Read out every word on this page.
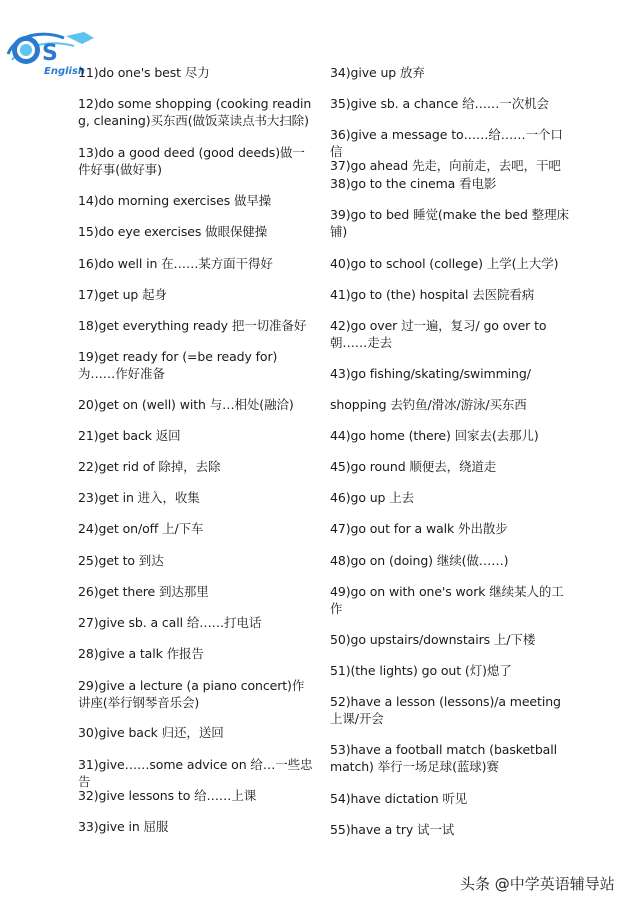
S
English
11)do one's best 尽力
12)do some shopping (cooking reading, cleaning)买东西(做饭菜读点书大扫除)
13)do a good deed (good deeds)做一件好事(做好事)
14)do morning exercises 做早操
15)do eye exercises 做眼保健操
16)do well in 在……某方面干得好
17)get up 起身
18)get everything ready 把一切准备好
19)get ready for (=be ready for) 为……作好准备
20)get on (well) with 与…相处(融洽)
21)get back 返回
22)get rid of 除掉，去除
23)get in 进入，收集
24)get on/off 上/下车
25)get to 到达
26)get there 到达那里
27)give sb. a call 给……打电话
28)give a talk 作报告
29)give a lecture (a piano concert)作讲座(举行钢琴音乐会)
30)give back 归还，送回
31)give……some advice on 给…一些忠告
32)give lessons to 给……上课
33)give in 屈服
34)give up 放弃
35)give sb. a chance 给……一次机会
36)give a message to……给……一个口信
37)go ahead 先走，向前走，去吧，干吧
38)go to the cinema 看电影
39)go to bed 睡觉(make the bed 整理床铺)
40)go to school (college) 上学(上大学)
41)go to (the) hospital 去医院看病
42)go over 过一遍，复习/ go over to 朝……走去
43)go fishing/skating/swimming/
shopping 去钓鱼/滑冰/游泳/买东西
44)go home (there) 回家去(去那儿)
45)go round 顺便去，绕道走
46)go up 上去
47)go out for a walk 外出散步
48)go on (doing) 继续(做……)
49)go on with one's work 继续某人的工作
50)go upstairs/downstairs 上/下楼
51)(the lights) go out (灯)熄了
52)have a lesson (lessons)/a meeting 上课/开会
53)have a football match (basketball match) 举行一场足球(蓝球)赛
54)have dictation 听见
55)have a try 试一试
头条 @中学英语辅导站
